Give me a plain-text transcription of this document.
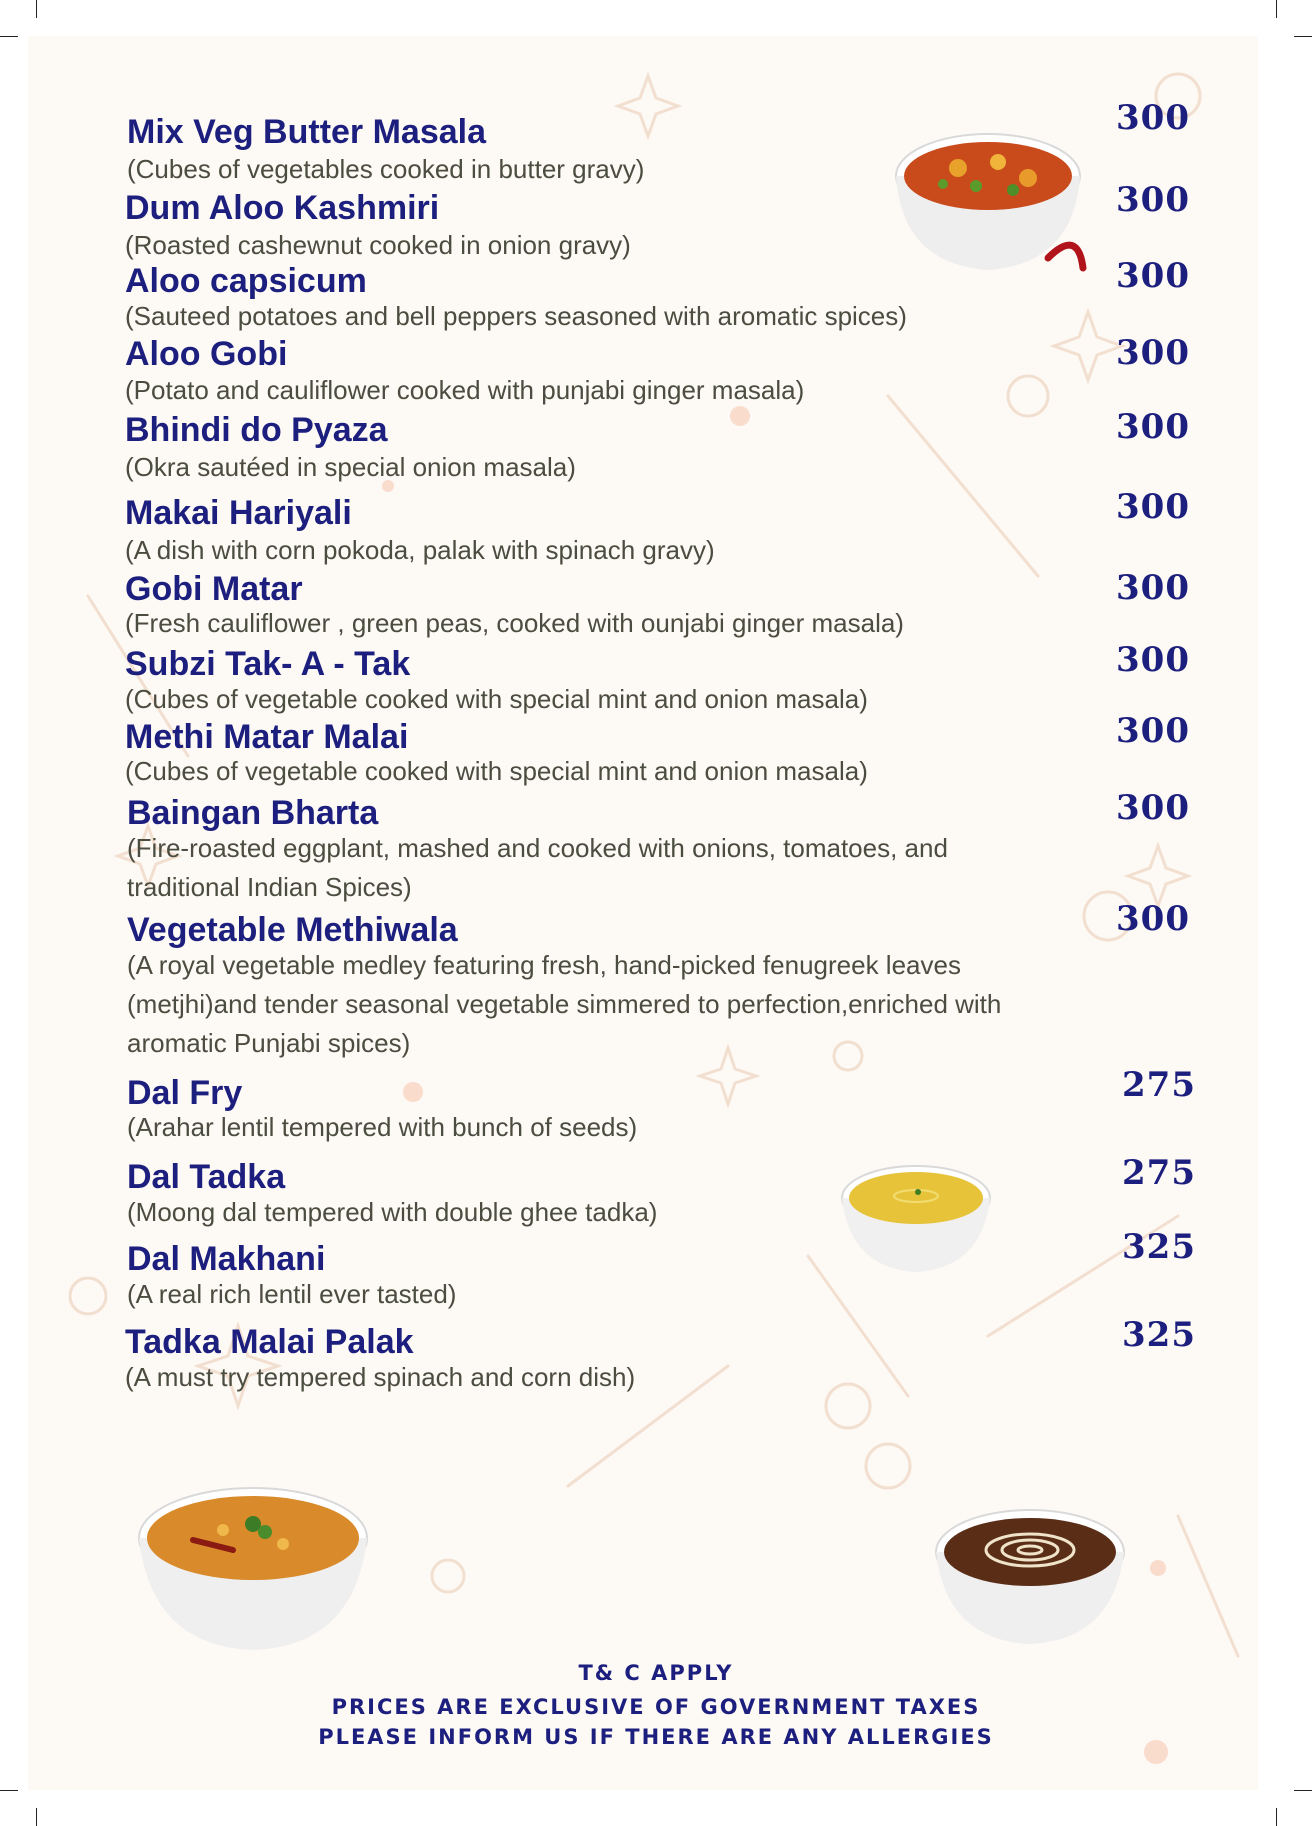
Mix Veg Butter Masala
(Cubes of vegetables cooked in butter gravy)
300
Dum Aloo Kashmiri
(Roasted cashewnut cooked in onion gravy)
300
Aloo capsicum
(Sauteed potatoes and bell peppers seasoned with aromatic spices)
300
Aloo Gobi
(Potato and cauliflower cooked with punjabi ginger masala)
300
Bhindi do Pyaza
(Okra sautéed in special onion masala)
300
Makai Hariyali
(A dish with corn pokoda, palak with spinach gravy)
300
Gobi Matar
(Fresh cauliflower , green peas, cooked with ounjabi ginger masala)
300
Subzi Tak- A - Tak
(Cubes of vegetable cooked with special mint and onion masala)
300
Methi Matar Malai
(Cubes of vegetable cooked with special mint and onion masala)
300
Baingan Bharta
(Fire-roasted eggplant, mashed and cooked with onions, tomatoes, and
traditional Indian Spices)
300
Vegetable Methiwala
(A royal vegetable medley featuring fresh, hand-picked fenugreek leaves
(metjhi)and tender seasonal vegetable simmered to perfection,enriched with
aromatic Punjabi spices)
300
Dal Fry
(Arahar lentil tempered with bunch of seeds)
275
Dal Tadka
(Moong dal tempered with double ghee tadka)
275
Dal Makhani
(A real rich lentil ever tasted)
325
Tadka Malai Palak
(A must try tempered spinach and corn dish)
325
T& C APPLY
PRICES ARE EXCLUSIVE OF GOVERNMENT TAXES
PLEASE INFORM US IF THERE ARE ANY ALLERGIES
